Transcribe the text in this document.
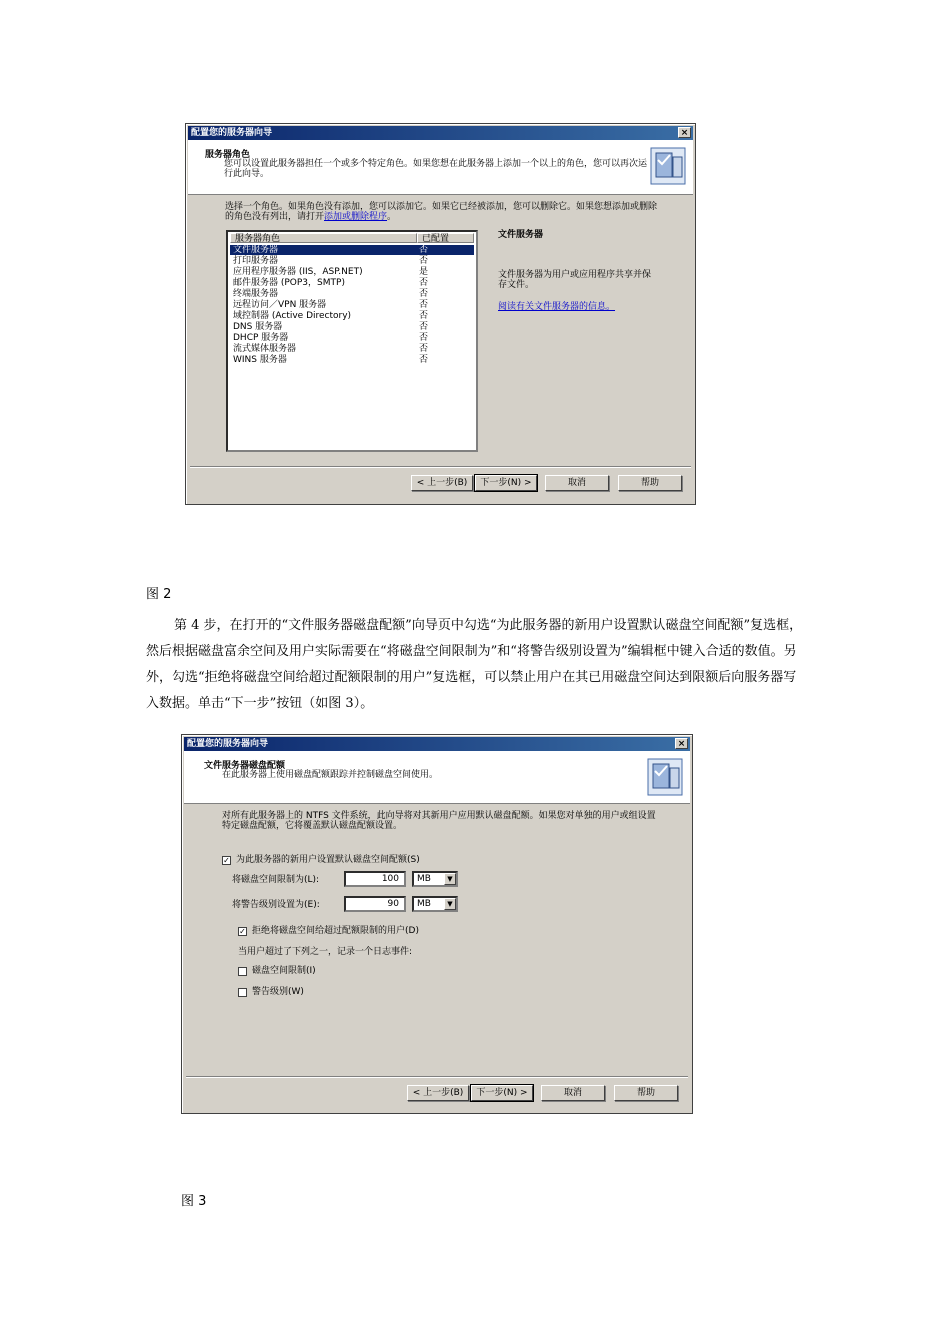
配置您的服务器向导	×
服务器角色
您可以设置此服务器担任一个或多个特定角色。如果您想在此服务器上添加一个以上的角色，您可以再次运行此向导。
选择一个角色。如果角色没有添加，您可以添加它。如果它已经被添加，您可以删除它。如果您想添加或删除的角色没有列出，请打开添加或删除程序。
服务器角色	已配置
文件服务器	否
打印服务器	否
应用程序服务器 (IIS，ASP.NET)	是
邮件服务器 (POP3，SMTP)	否
终端服务器	否
远程访问／VPN 服务器	否
域控制器 (Active Directory)	否
DNS 服务器	否
DHCP 服务器	否
流式媒体服务器	否
WINS 服务器	否
文件服务器
文件服务器为用户或应用程序共享并保存文件。
阅读有关文件服务器的信息。
< 上一步(B)	下一步(N) >	取消	帮助
图 2

第 4 步，在打开的“文件服务器磁盘配额”向导页中勾选“为此服务器的新用户设置默认磁盘空间配额”复选框，然后根据磁盘富余空间及用户实际需要在“将磁盘空间限制为”和“将警告级别设置为”编辑框中键入合适的数值。另外，勾选“拒绝将磁盘空间给超过配额限制的用户”复选框，可以禁止用户在其已用磁盘空间达到限额后向服务器写入数据。单击“下一步”按钮（如图 3）。

配置您的服务器向导	×
文件服务器磁盘配额
在此服务器上使用磁盘配额跟踪并控制磁盘空间使用。
对所有此服务器上的 NTFS 文件系统，此向导将对其新用户应用默认磁盘配额。如果您对单独的用户或组设置特定磁盘配额，它将覆盖默认磁盘配额设置。
✓ 为此服务器的新用户设置默认磁盘空间配额(S)
将磁盘空间限制为(L):	100	MB	▼
将警告级别设置为(E):	90	MB	▼
✓ 拒绝将磁盘空间给超过配额限制的用户(D)
当用户超过了下列之一，记录一个日志事件:
磁盘空间限制(I)
警告级别(W)
< 上一步(B)	下一步(N) >	取消	帮助
图 3
